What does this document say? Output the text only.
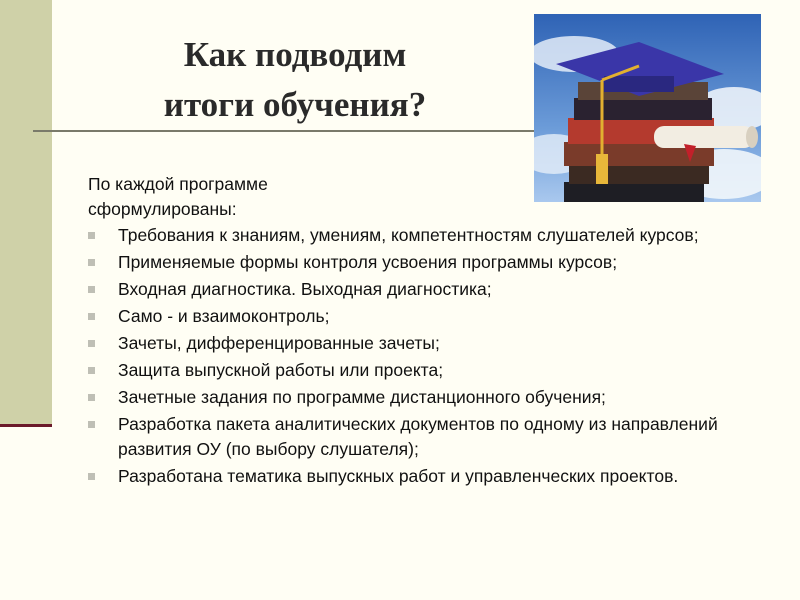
Как подводим
итоги обучения?
По каждой программе
сформулированы:
Требования к знаниям, умениям, компетентностям слушателей курсов;
Применяемые формы контроля усвоения программы курсов;
Входная диагностика. Выходная диагностика;
Само - и взаимоконтроль;
Зачеты, дифференцированные зачеты;
Защита выпускной работы или проекта;
Зачетные задания по программе дистанционного обучения;
Разработка пакета аналитических документов по одному из направлений развития ОУ (по выбору слушателя);
Разработана тематика выпускных работ и управленческих проектов.
